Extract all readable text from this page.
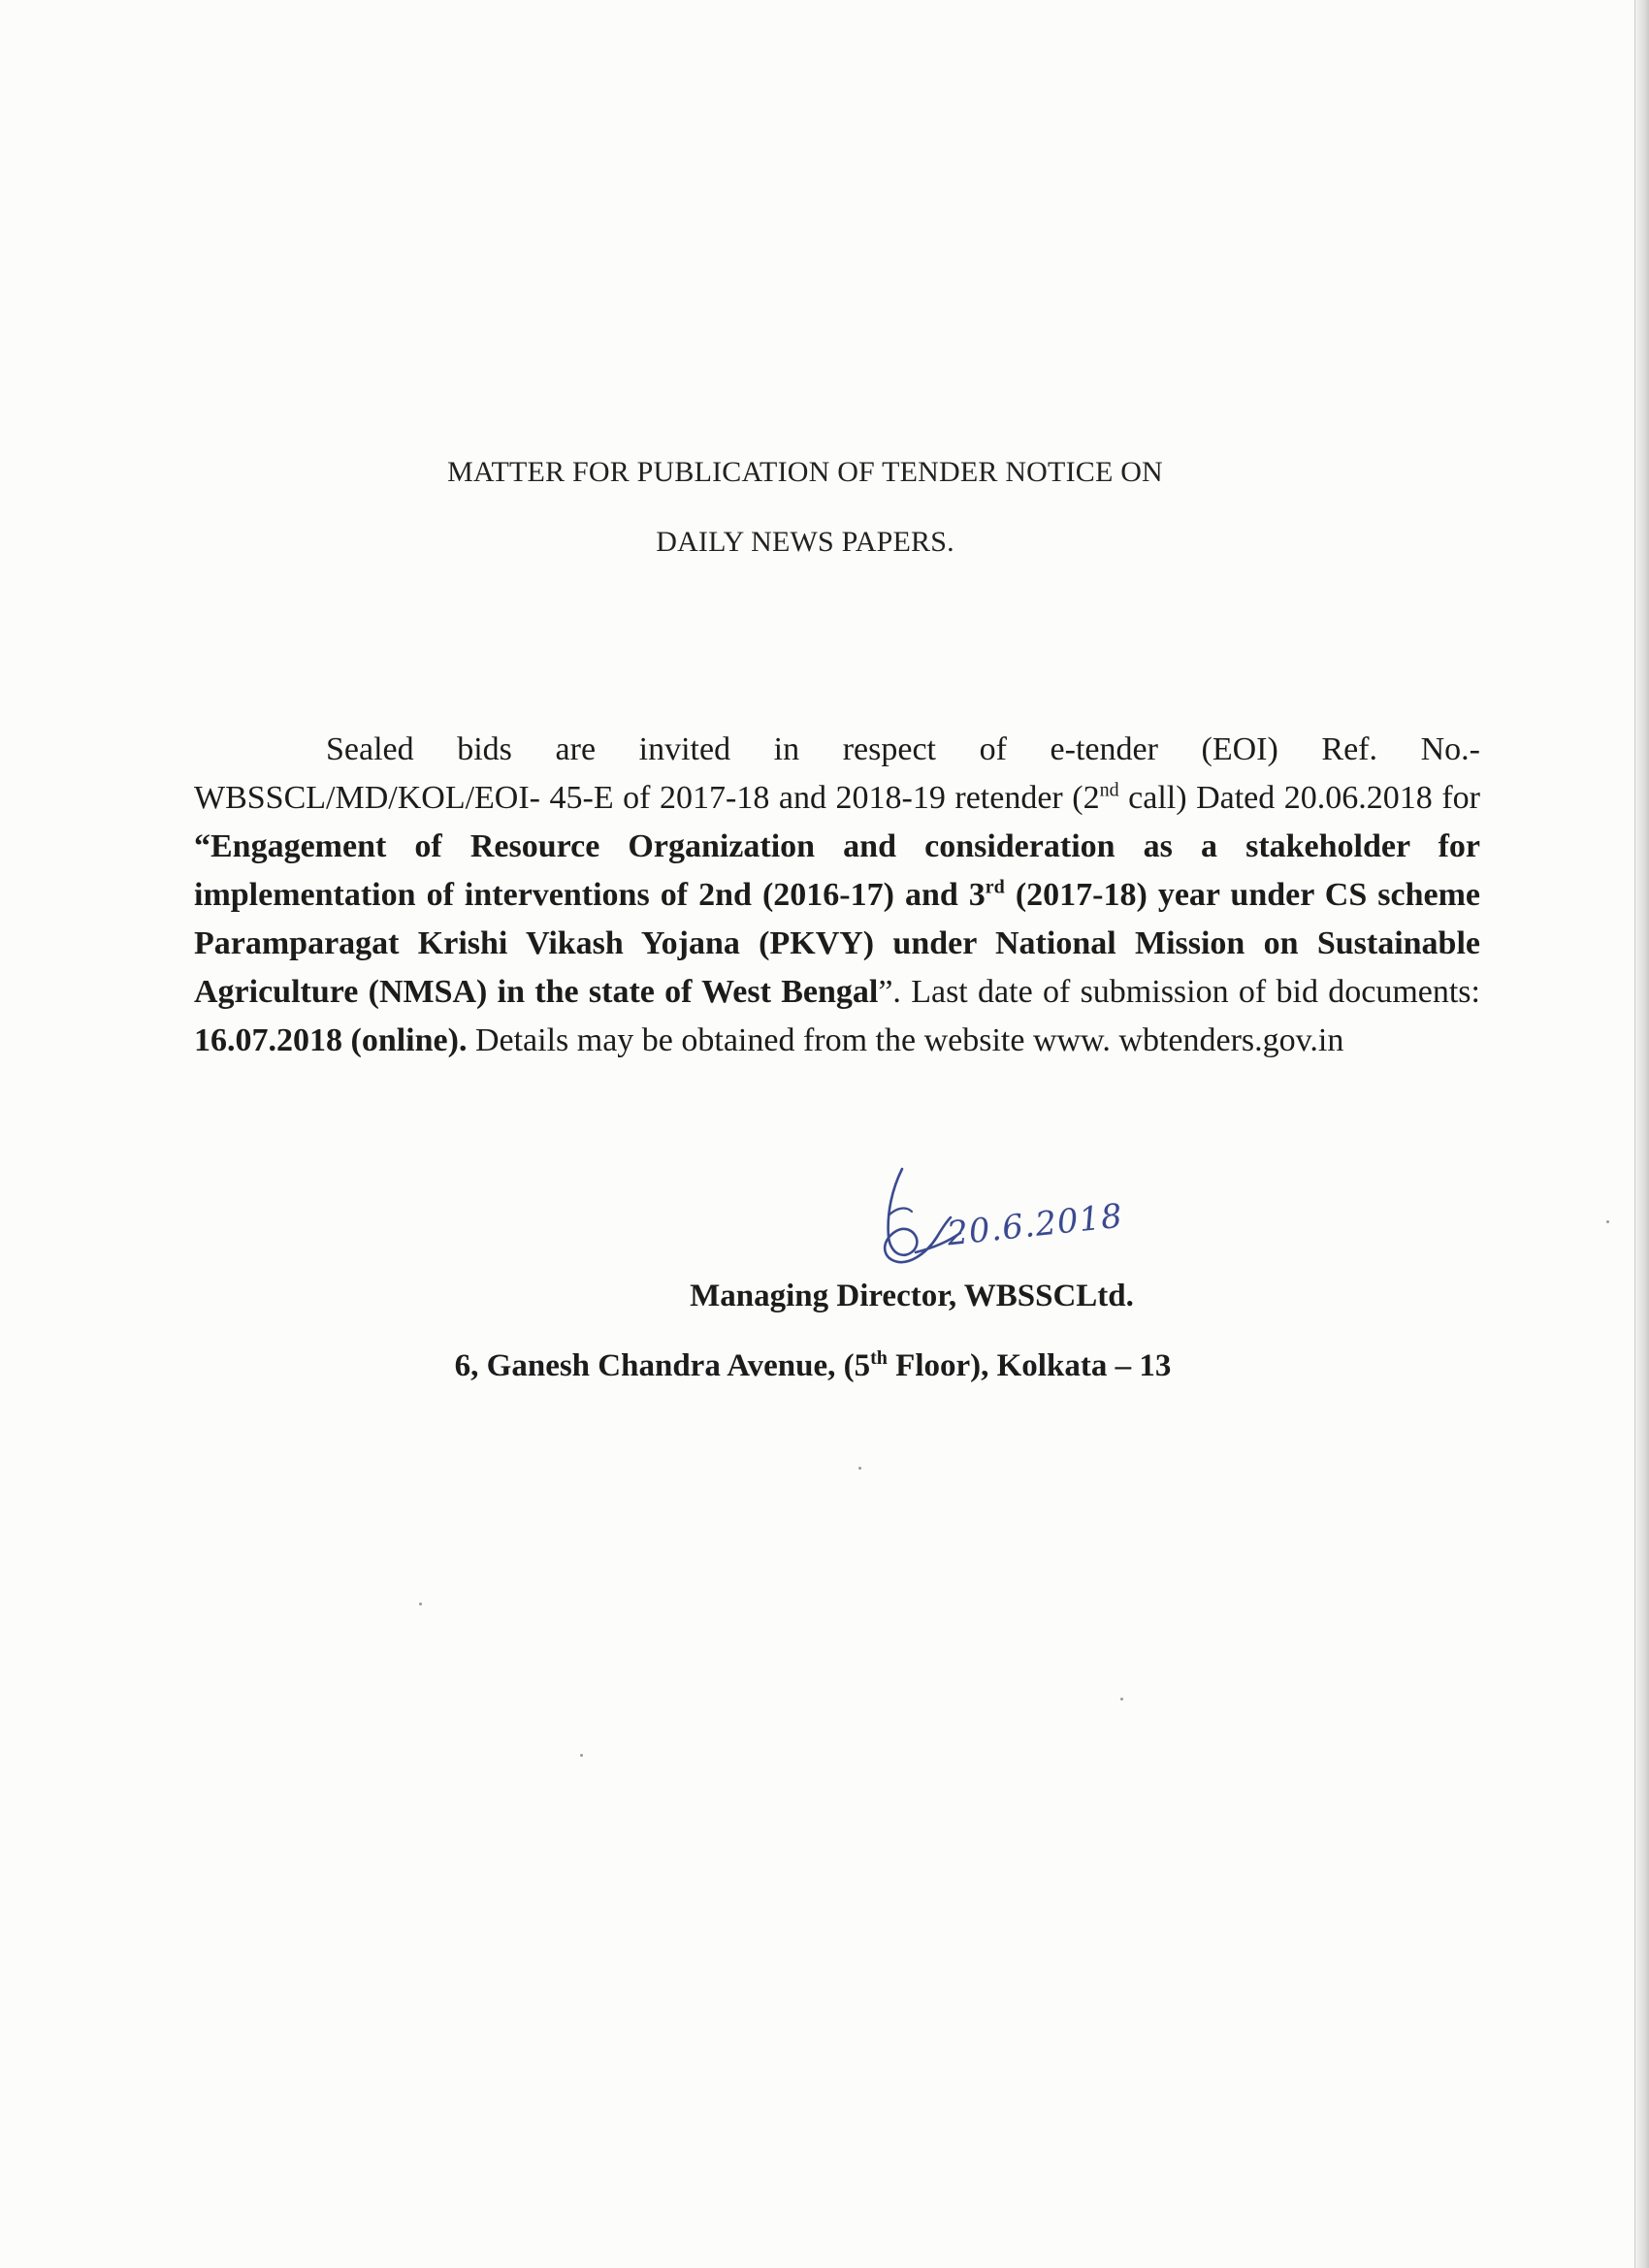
MATTER FOR PUBLICATION OF TENDER NOTICE ON
DAILY NEWS PAPERS.
Sealed bids are invited in respect of e-tender (EOI) Ref. No.- WBSSCL/MD/KOL/EOI- 45-E of 2017-18 and 2018-19 retender (2nd call) Dated 20.06.2018 for “Engagement of Resource Organization and consideration as a stakeholder for implementation of interventions of 2nd (2016-17) and 3rd (2017-18) year under CS scheme Paramparagat Krishi Vikash Yojana (PKVY) under National Mission on Sustainable Agriculture (NMSA) in the state of West Bengal”. Last date of submission of bid documents: 16.07.2018 (online). Details may be obtained from the website www. wbtenders.gov.in
20.6.2018
Managing Director, WBSSCLtd.
6, Ganesh Chandra Avenue, (5th Floor), Kolkata – 13
